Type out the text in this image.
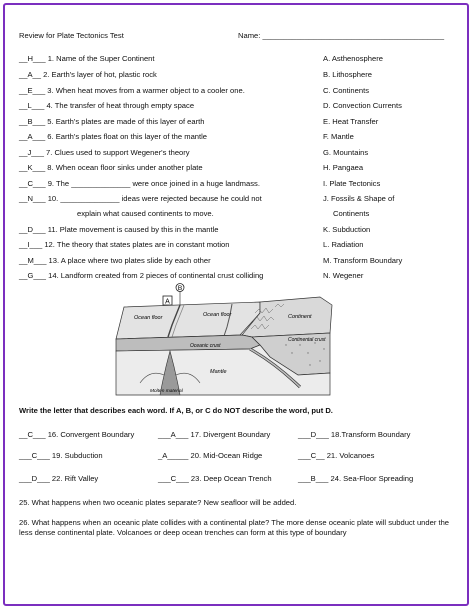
Review for Plate Tectonics Test	Name: ___________________________________________
__H___ 1. Name of the Super Continent
__A__ 2. Earth's layer of hot, plastic rock
__E___ 3. When heat moves from a warmer object to a cooler one.
__L___ 4. The transfer of heat through empty space
__B___ 5. Earth's plates are made of this layer of earth
__A___ 6. Earth's plates float on this layer of the mantle
__J___ 7. Clues used to support Wegener's theory
__K___ 8. When ocean floor sinks under another plate
__C___ 9. The ______________ were once joined in a huge landmass.
__N___ 10. ______________ ideas were rejected because he could not
explain what caused continents to move.
__D___ 11. Plate movement is caused by this in the mantle
__I___ 12. The theory that states plates are in constant motion
__M___ 13. A place where two plates slide by each other
__G___ 14. Landform created from 2 pieces of continental crust colliding
A. Asthenosphere
B. Lithosphere
C. Continents
D. Convection Currents
E. Heat Transfer
F. Mantle
G. Mountains
H. Pangaea
I. Plate Tectonics
J. Fossils & Shape of
Continents
K. Subduction
L. Radiation
M. Transform Boundary
N. Wegener
A
B
Ocean floor	Ocean floor	Continent
Continental crust
Oceanic crust
Mantle
Molten material
Write the letter that describes each word. If A, B, or C do NOT describe the word, put D.
__C___ 16. Convergent Boundary	___A___ 17. Divergent Boundary	___D___ 18.Transform Boundary
___C___ 19. Subduction	_A_____ 20. Mid-Ocean Ridge	___C__ 21. Volcanoes
___D___ 22. Rift Valley	___C___ 23. Deep Ocean Trench	___B___ 24. Sea-Floor Spreading
25. What happens when two oceanic plates separate? New seafloor will be added.
26. What happens when an oceanic plate collides with a continental plate? The more dense oceanic plate will subduct under the less dense continental plate. Volcanoes or deep ocean trenches can form at this type of boundary
